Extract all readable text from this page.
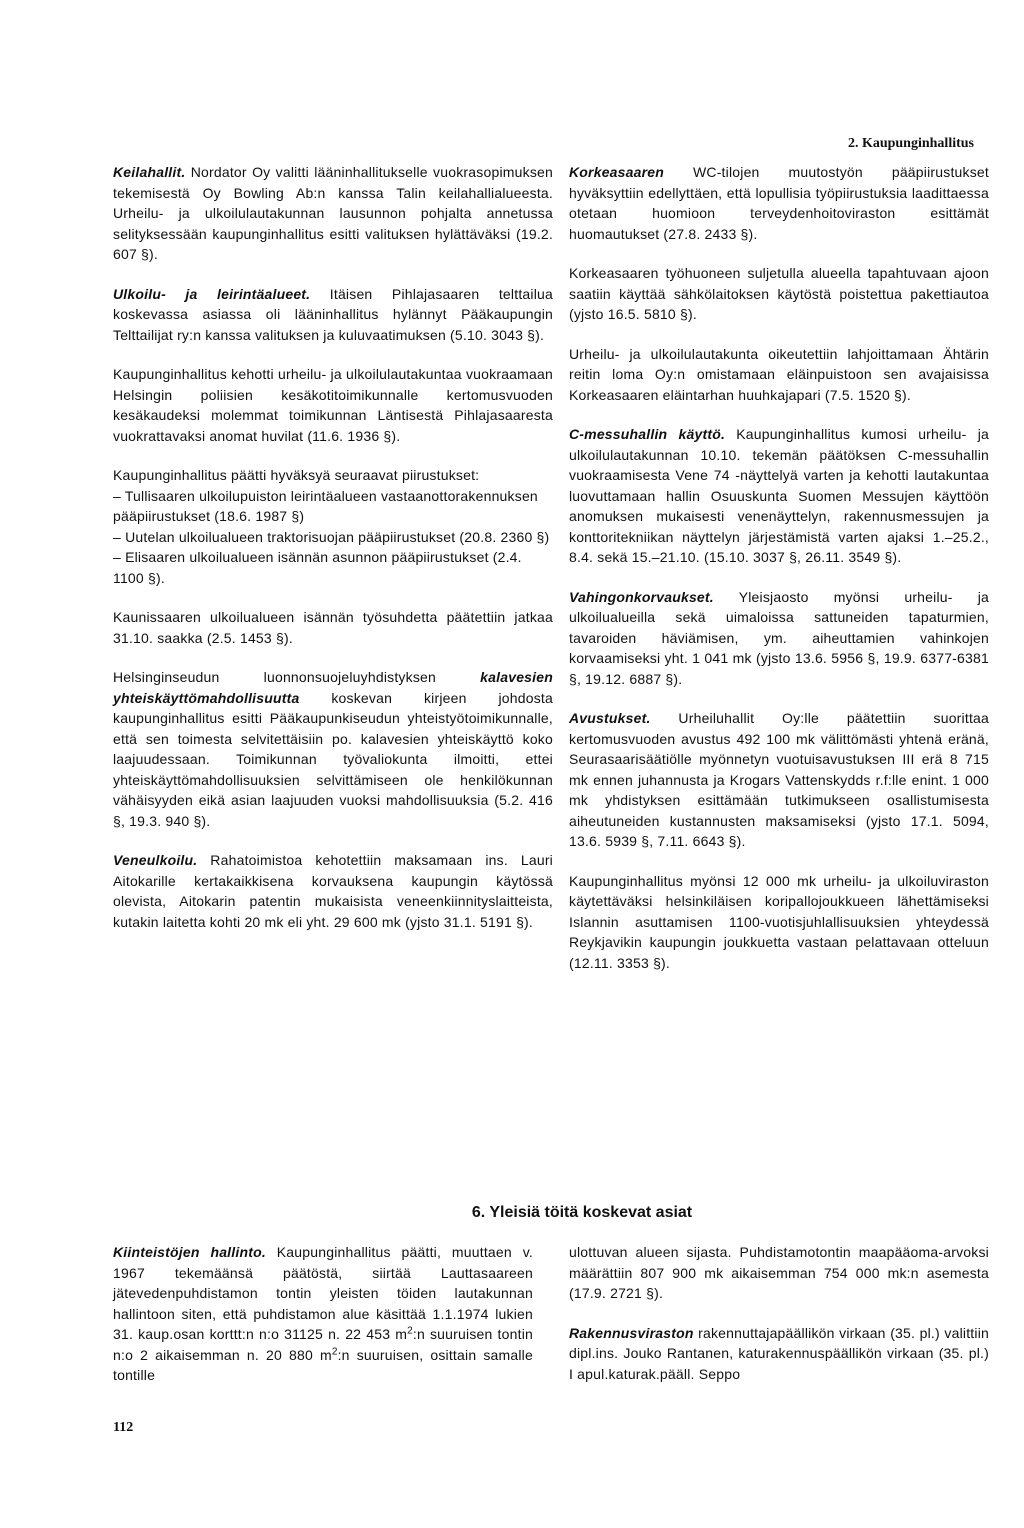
2. Kaupunginhallitus

Keilahallit. Nordator Oy valitti lääninhallitukselle vuokrasopimuksen tekemisestä Oy Bowling Ab:n kanssa Talin keilahallialueesta. Urheilu- ja ulkoilulautakunnan lausunnon pohjalta annetussa selityksessään kaupunginhallitus esitti valituksen hylättäväksi (19.2. 607 §).

Ulkoilu- ja leirintäalueet. Itäisen Pihlajasaaren telttailua koskevassa asiassa oli lääninhallitus hylännyt Pääkaupungin Telttailijat ry:n kanssa valituksen ja kuluvaatimuksen (5.10. 3043 §).

Kaupunginhallitus kehotti urheilu- ja ulkoilulautakuntaa vuokraamaan Helsingin poliisien kesäkotitoimikunnalle kertomusvuoden kesäkaudeksi molemmat toimikunnan Läntisestä Pihlajasaaresta vuokrattavaksi anomat huvilat (11.6. 1936 §).

Kaupunginhallitus päätti hyväksyä seuraavat piirustukset:

– Tullisaaren ulkoilupuiston leirintäalueen vastaanottorakennuksen pääpiirustukset (18.6. 1987 §)
– Uutelan ulkoilualueen traktorisuojan pääpiirustukset (20.8. 2360 §)
– Elisaaren ulkoilualueen isännän asunnon pääpiirustukset (2.4. 1100 §).

Kaunissaaren ulkoilualueen isännän työsuhdetta päätettiin jatkaa 31.10. saakka (2.5. 1453 §).

Helsinginseudun luonnonsuojeluyhdistyksen kalavesien yhteiskäyttömahdollisuutta koskevan kirjeen johdosta kaupunginhallitus esitti Pääkaupunkiseudun yhteistyötoimikunnalle, että sen toimesta selvitettäisiin po. kalavesien yhteiskäyttö koko laajuudessaan. Toimikunnan työvaliokunta ilmoitti, ettei yhteiskäyttömahdollisuuksien selvittämiseen ole henkilökunnan vähäisyyden eikä asian laajuuden vuoksi mahdollisuuksia (5.2. 416 §, 19.3. 940 §).

Veneulkoilu. Rahatoimistoa kehotettiin maksamaan ins. Lauri Aitokarille kertakaikkisena korvauksena kaupungin käytössä olevista, Aitokarin patentin mukaisista veneenkiinnityslaitteista, kutakin laitetta kohti 20 mk eli yht. 29 600 mk (yjsto 31.1. 5191 §).

Korkeasaaren WC-tilojen muutostyön pääpiirustukset hyväksyttiin edellyttäen, että lopullisia työpiirustuksia laadittaessa otetaan huomioon terveydenhoitoviraston esittämät huomautukset (27.8. 2433 §).

Korkeasaaren työhuoneen suljetulla alueella tapahtuvaan ajoon saatiin käyttää sähkölaitoksen käytöstä poistettua pakettiautoa (yjsto 16.5. 5810 §).

Urheilu- ja ulkoilulautakunta oikeutettiin lahjoittamaan Ähtärin reitin loma Oy:n omistamaan eläinpuistoon sen avajaisissa Korkeasaaren eläintarhan huuhkajapari (7.5. 1520 §).

C-messuhallin käyttö. Kaupunginhallitus kumosi urheilu- ja ulkoilulautakunnan 10.10. tekemän päätöksen C-messuhallin vuokraamisesta Vene 74 -näyttelyä varten ja kehotti lautakuntaa luovuttamaan hallin Osuuskunta Suomen Messujen käyttöön anomuksen mukaisesti venenäyttelyn, rakennusmessujen ja konttoritekniikan näyttelyn järjestämistä varten ajaksi 1.–25.2., 8.4. sekä 15.–21.10. (15.10. 3037 §, 26.11. 3549 §).

Vahingonkorvaukset. Yleisjaosto myönsi urheilu- ja ulkoilualueilla sekä uimaloissa sattuneiden tapaturmien, tavaroiden häviämisen, ym. aiheuttamien vahinkojen korvaamiseksi yht. 1 041 mk (yjsto 13.6. 5956 §, 19.9. 6377-6381 §, 19.12. 6887 §).

Avustukset. Urheiluhallit Oy:lle päätettiin suorittaa kertomusvuoden avustus 492 100 mk välittömästi yhtenä eränä, Seurasaarisäätiölle myönnetyn vuotuisavustuksen III erä 8 715 mk ennen juhannusta ja Krogars Vattenskydds r.f:lle enint. 1 000 mk yhdistyksen esittämään tutkimukseen osallistumisesta aiheutuneiden kustannusten maksamiseksi (yjsto 17.1. 5094, 13.6. 5939 §, 7.11. 6643 §).

Kaupunginhallitus myönsi 12 000 mk urheilu- ja ulkoiluviraston käytettäväksi helsinkiläisen koripallojoukkueen lähettämiseksi Islannin asuttamisen 1100-vuotisjuhlallisuuksien yhteydessä Reykjavikin kaupungin joukkuetta vastaan pelattavaan otteluun (12.11. 3353 §).

6. Yleisiä töitä koskevat asiat

Kiinteistöjen hallinto. Kaupunginhallitus päätti, muuttaen v. 1967 tekemäänsä päätöstä, siirtää Lauttasaareen jätevedenpuhdistamon tontin yleisten töiden lautakunnan hallintoon siten, että puhdistamon alue käsittää 1.1.1974 lukien 31. kaup.osan korttt:n n:o 31125 n. 22 453 $m^2:n$ suuruisen tontin n:o 2 aikaisemman n. 20 880 $m^2:n$ suuruisen, osittain samalle tontille

ulottuvan alueen sijasta. Puhdistamotontin maapääoma-arvoksi määrättiin 807 900 mk aikaisemman 754 000 mk:n asemesta (17.9. 2721 §).

Rakennusviraston rakennuttajapäällikön virkaan (35. pl.) valittiin dipl.ins. Jouko Rantanen, katurakennuspäällikön virkaan (35. pl.) I apul.katurak.pääll. Seppo

112
